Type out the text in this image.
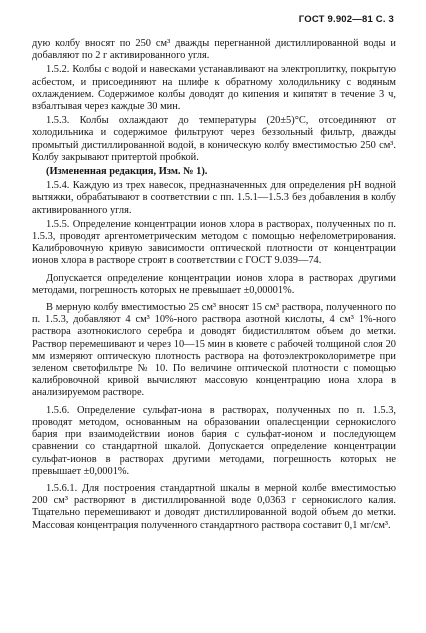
ГОСТ 9.902—81 С. 3

дую колбу вносят по 250 см³ дважды перегнанной дистиллированной воды и добавляют по 2 г активированного угля.

1.5.2. Колбы с водой и навесками устанавливают на электроплитку, покрытую асбестом, и присоединяют на шлифе к обратному холодильнику с водяным охлаждением. Содержимое колбы доводят до кипения и кипятят в течение 3 ч, взбалтывая через каждые 30 мин.

1.5.3. Колбы охлаждают до температуры (20±5)°С, отсоединяют от холодильника и содержимое фильтруют через беззольный фильтр, дважды промытый дистиллированной водой, в коническую колбу вместимостью 250 см³. Колбу закрывают притертой пробкой.

(Измененная редакция, Изм. № 1).

1.5.4. Каждую из трех навесок, предназначенных для определения pH водной вытяжки, обрабатывают в соответствии с пп. 1.5.1—1.5.3 без добавления в колбу активированного угля.

1.5.5. Определение концентрации ионов хлора в растворах, полученных по п. 1.5.3, проводят аргентометрическим методом с помощью нефелометрирования. Калибровочную кривую зависимости оптической плотности от концентрации ионов хлора в растворе строят в соответствии с ГОСТ 9.039—74.

Допускается определение концентрации ионов хлора в растворах другими методами, погрешность которых не превышает ±0,00001%.

В мерную колбу вместимостью 25 см³ вносят 15 см³ раствора, полученного по п. 1.5.3, добавляют 4 см³ 10%-ного раствора азотной кислоты, 4 см³ 1%-ного раствора азотнокислого серебра и доводят бидистиллятом объем до метки. Раствор перемешивают и через 10—15 мин в кювете с рабочей толщиной слоя 20 мм измеряют оптическую плотность раствора на фотоэлектроколориметре при зеленом светофильтре № 10. По величине оптической плотности с помощью калибровочной кривой вычисляют массовую концентрацию иона хлора в анализируемом растворе.

1.5.6. Определение сульфат-иона в растворах, полученных по п. 1.5.3, проводят методом, основанным на образовании опалесценции сернокислого бария при взаимодействии ионов бария с сульфат-ионом и последующем сравнении со стандартной шкалой. Допускается определение концентрации сульфат-ионов в растворах другими методами, погрешность которых не превышает ±0,0001%.

1.5.6.1. Для построения стандартной шкалы в мерной колбе вместимостью 200 см³ растворяют в дистиллированной воде 0,0363 г сернокислого калия. Тщательно перемешивают и доводят дистиллированной водой объем до метки. Массовая концентрация полученного стандартного раствора составит 0,1 мг/см³.
